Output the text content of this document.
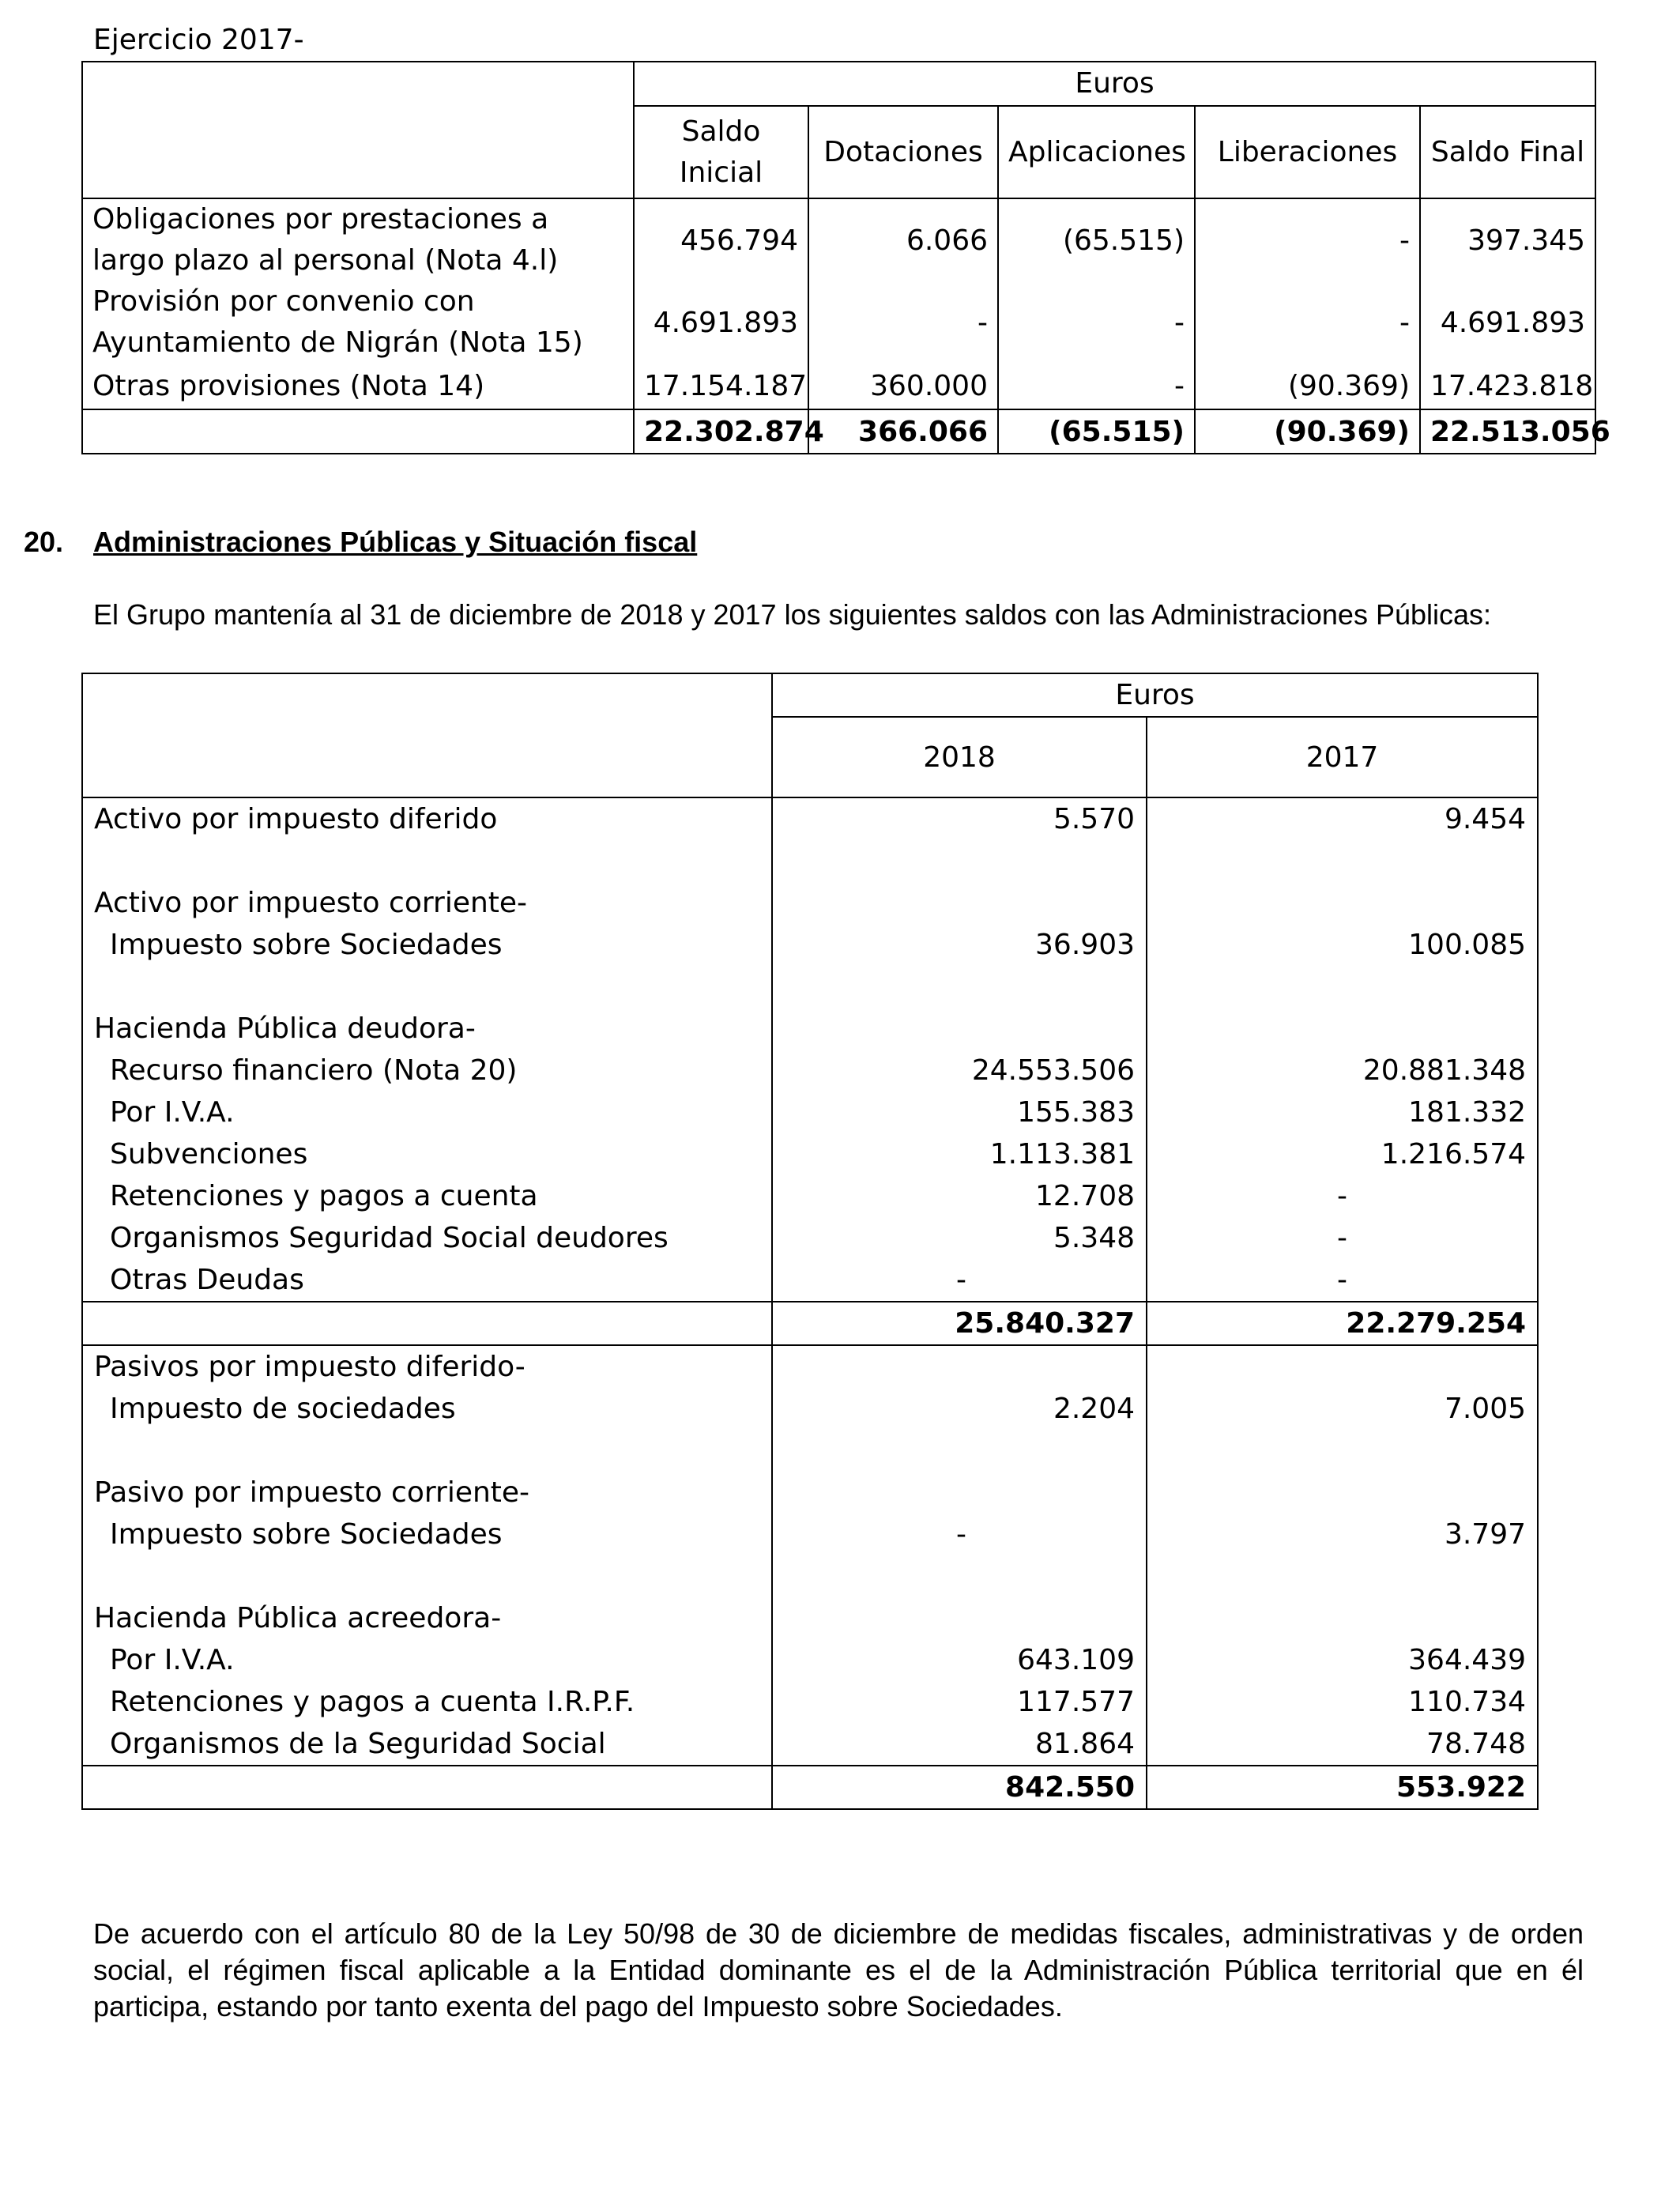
Ejercicio 2017-
	Euros				
	Saldo Inicial	Dotaciones	Aplicaciones	Liberaciones	Saldo Final
Obligaciones por prestaciones a largo plazo al personal (Nota 4.l)	456.794	6.066	(65.515)	-	397.345
Provisión por convenio con Ayuntamiento de Nigrán (Nota 15)	4.691.893	-	-	-	4.691.893
Otras provisiones (Nota 14)	17.154.187	360.000	-	(90.369)	17.423.818
	22.302.874	366.066	(65.515)	(90.369)	22.513.056
20. Administraciones Públicas y Situación fiscal
El Grupo mantenía al 31 de diciembre de 2018 y 2017 los siguientes saldos con las Administraciones Públicas:
	Euros	
	2018	2017
Activo por impuesto diferido	5.570	9.454

Activo por impuesto corriente-		
Impuesto sobre Sociedades	36.903	100.085

Hacienda Pública deudora-		
Recurso financiero (Nota 20)	24.553.506	20.881.348
Por I.V.A.	155.383	181.332
Subvenciones	1.113.381	1.216.574
Retenciones y pagos a cuenta	12.708	-
Organismos Seguridad Social deudores	5.348	-
Otras Deudas	-	-
	25.840.327	22.279.254
Pasivos por impuesto diferido-		
Impuesto de sociedades	2.204	7.005

Pasivo por impuesto corriente-		
Impuesto sobre Sociedades	-	3.797

Hacienda Pública acreedora-		
Por I.V.A.	643.109	364.439
Retenciones y pagos a cuenta I.R.P.F.	117.577	110.734
Organismos de la Seguridad Social	81.864	78.748
	842.550	553.922
De acuerdo con el artículo 80 de la Ley 50/98 de 30 de diciembre de medidas fiscales, administrativas y de orden social, el régimen fiscal aplicable a la Entidad dominante es el de la Administración Pública territorial que en él participa, estando por tanto exenta del pago del Impuesto sobre Sociedades.
